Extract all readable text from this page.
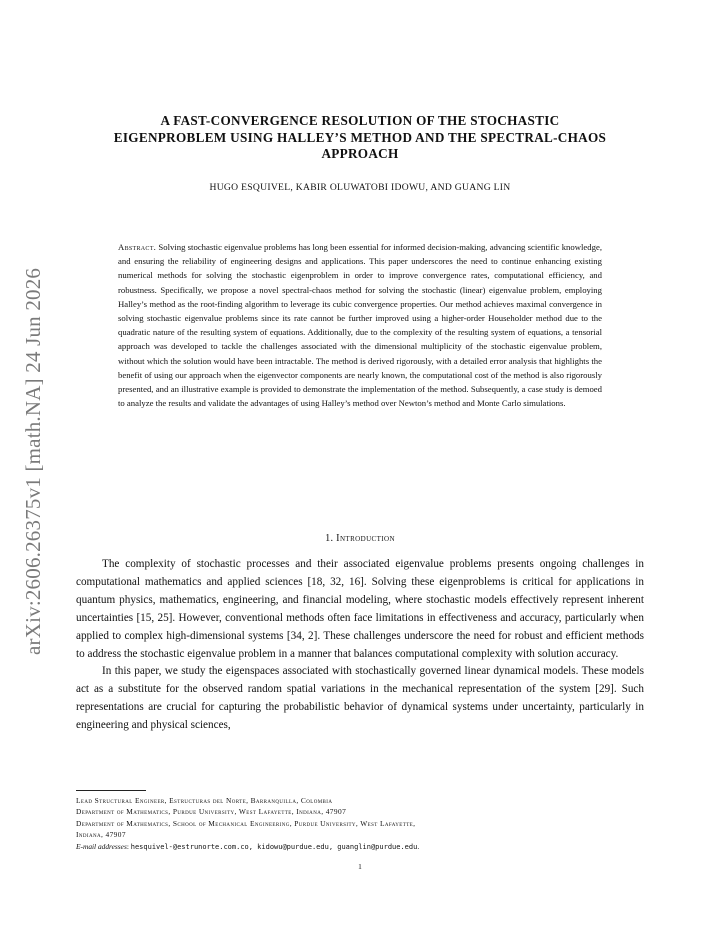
arXiv:2606.26375v1 [math.NA] 24 Jun 2026
A FAST-CONVERGENCE RESOLUTION OF THE STOCHASTIC
EIGENPROBLEM USING HALLEY’S METHOD AND THE SPECTRAL-CHAOS
APPROACH
HUGO ESQUIVEL, KABIR OLUWATOBI IDOWU, AND GUANG LIN
Abstract. Solving stochastic eigenvalue problems has long been essential for informed decision-making, advancing scientific knowledge, and ensuring the reliability of engineering designs and applications. This paper underscores the need to continue enhancing existing numerical methods for solving the stochastic eigenproblem in order to improve convergence rates, computational efficiency, and robustness. Specifically, we propose a novel spectral-chaos method for solving the stochastic (linear) eigenvalue problem, employing Halley’s method as the root-finding algorithm to leverage its cubic convergence properties. Our method achieves maximal convergence in solving stochastic eigenvalue problems since its rate cannot be further improved using a higher-order Householder method due to the quadratic nature of the resulting system of equations. Additionally, due to the complexity of the resulting system of equations, a tensorial approach was developed to tackle the challenges associated with the dimensional multiplicity of the stochastic eigenvalue problem, without which the solution would have been intractable. The method is derived rigorously, with a detailed error analysis that highlights the benefit of using our approach when the eigenvector components are nearly known, the computational cost of the method is also rigorously presented, and an illustrative example is provided to demonstrate the implementation of the method. Subsequently, a case study is demoed to analyze the results and validate the advantages of using Halley’s method over Newton’s method and Monte Carlo simulations.
1. Introduction

The complexity of stochastic processes and their associated eigenvalue problems presents ongoing challenges in computational mathematics and applied sciences [18, 32, 16]. Solving these eigenproblems is critical for applications in quantum physics, mathematics, engineering, and financial modeling, where stochastic models effectively represent inherent uncertainties [15, 25]. However, conventional methods often face limitations in effectiveness and accuracy, particularly when applied to complex high-dimensional systems [34, 2]. These challenges underscore the need for robust and efficient methods to address the stochastic eigenvalue problem in a manner that balances computational complexity with solution accuracy.

In this paper, we study the eigenspaces associated with stochastically governed linear dynamical models. These models act as a substitute for the observed random spatial variations in the mechanical representation of the system [29]. Such representations are crucial for capturing the probabilistic behavior of dynamical systems under uncertainty, particularly in engineering and physical sciences,

Lead Structural Engineer, Estructuras del Norte, Barranquilla, Colombia
Department of Mathematics, Purdue University, West Lafayette, Indiana, 47907
Department of Mathematics, School of Mechanical Engineering, Purdue University, West Lafayette,
Indiana, 47907
E-mail addresses: hesquivel-@estrunorte.com.co, kidowu@purdue.edu, guanglin@purdue.edu.
1
